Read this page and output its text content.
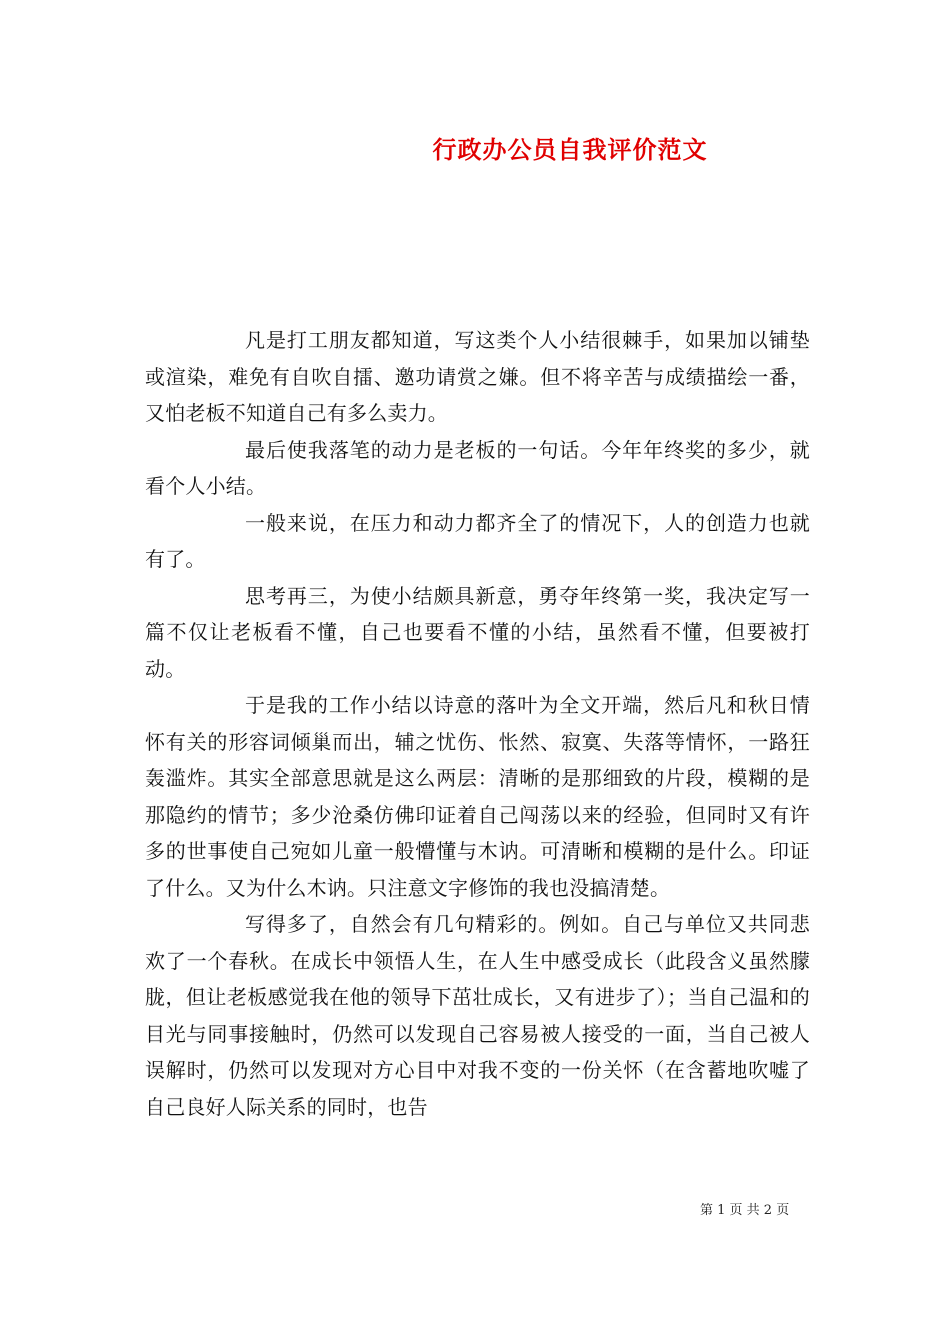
行政办公员自我评价范文

凡是打工朋友都知道，写这类个人小结很棘手，如果加以铺垫或渲染，难免有自吹自擂、邀功请赏之嫌。但不将辛苦与成绩描绘一番，又怕老板不知道自己有多么卖力。

最后使我落笔的动力是老板的一句话。今年年终奖的多少，就看个人小结。

一般来说，在压力和动力都齐全了的情况下，人的创造力也就有了。

思考再三，为使小结颇具新意，勇夺年终第一奖，我决定写一篇不仅让老板看不懂，自己也要看不懂的小结，虽然看不懂，但要被打动。

于是我的工作小结以诗意的落叶为全文开端，然后凡和秋日情怀有关的形容词倾巢而出，辅之忧伤、怅然、寂寞、失落等情怀，一路狂轰滥炸。其实全部意思就是这么两层：清晰的是那细致的片段，模糊的是那隐约的情节；多少沧桑仿佛印证着自己闯荡以来的经验，但同时又有许多的世事使自己宛如儿童一般懵懂与木讷。可清晰和模糊的是什么。印证了什么。又为什么木讷。只注意文字修饰的我也没搞清楚。

写得多了，自然会有几句精彩的。例如。自己与单位又共同悲欢了一个春秋。在成长中领悟人生，在人生中感受成长（此段含义虽然朦胧，但让老板感觉我在他的领导下茁壮成长，又有进步了）；当自己温和的目光与同事接触时，仍然可以发现自己容易被人接受的一面，当自己被人误解时，仍然可以发现对方心目中对我不变的一份关怀（在含蓄地吹嘘了自己良好人际关系的同时，也告

第 1 页 共 2 页
